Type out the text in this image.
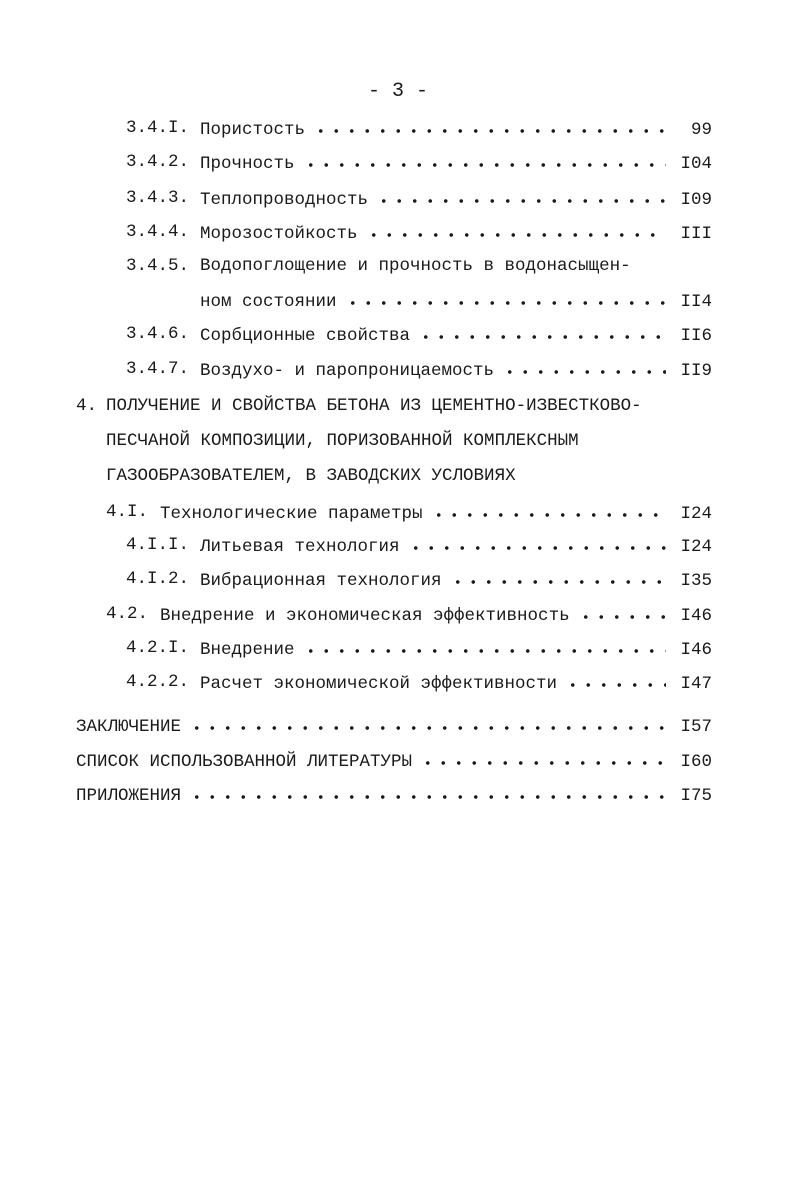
- 3 -
3.4.I. Пористость	99
3.4.2. Прочность	I04
3.4.3. Теплопроводность	I09
3.4.4. Морозостойкость	III
3.4.5. Водопоглощение и прочность в водонасыщен-
ном состоянии	II4
3.4.6. Сорбционные свойства	II6
3.4.7. Воздухо- и паропроницаемость	II9
4. ПОЛУЧЕНИЕ И СВОЙСТВА БЕТОНА ИЗ ЦЕМЕНТНО-ИЗВЕСТКОВО-
ПЕСЧАНОЙ КОМПОЗИЦИИ, ПОРИЗОВАННОЙ КОМПЛЕКСНЫМ
ГАЗООБРАЗОВАТЕЛЕМ, В ЗАВОДСКИХ УСЛОВИЯХ
4.I. Технологические параметры	I24
4.I.I. Литьевая технология	I24
4.I.2. Вибрационная технология	I35
4.2. Внедрение и экономическая эффективность	I46
4.2.I. Внедрение	I46
4.2.2. Расчет экономической эффективности	I47
ЗАКЛЮЧЕНИЕ	I57
СПИСОК ИСПОЛЬЗОВАННОЙ ЛИТЕРАТУРЫ	I60
ПРИЛОЖЕНИЯ	I75
